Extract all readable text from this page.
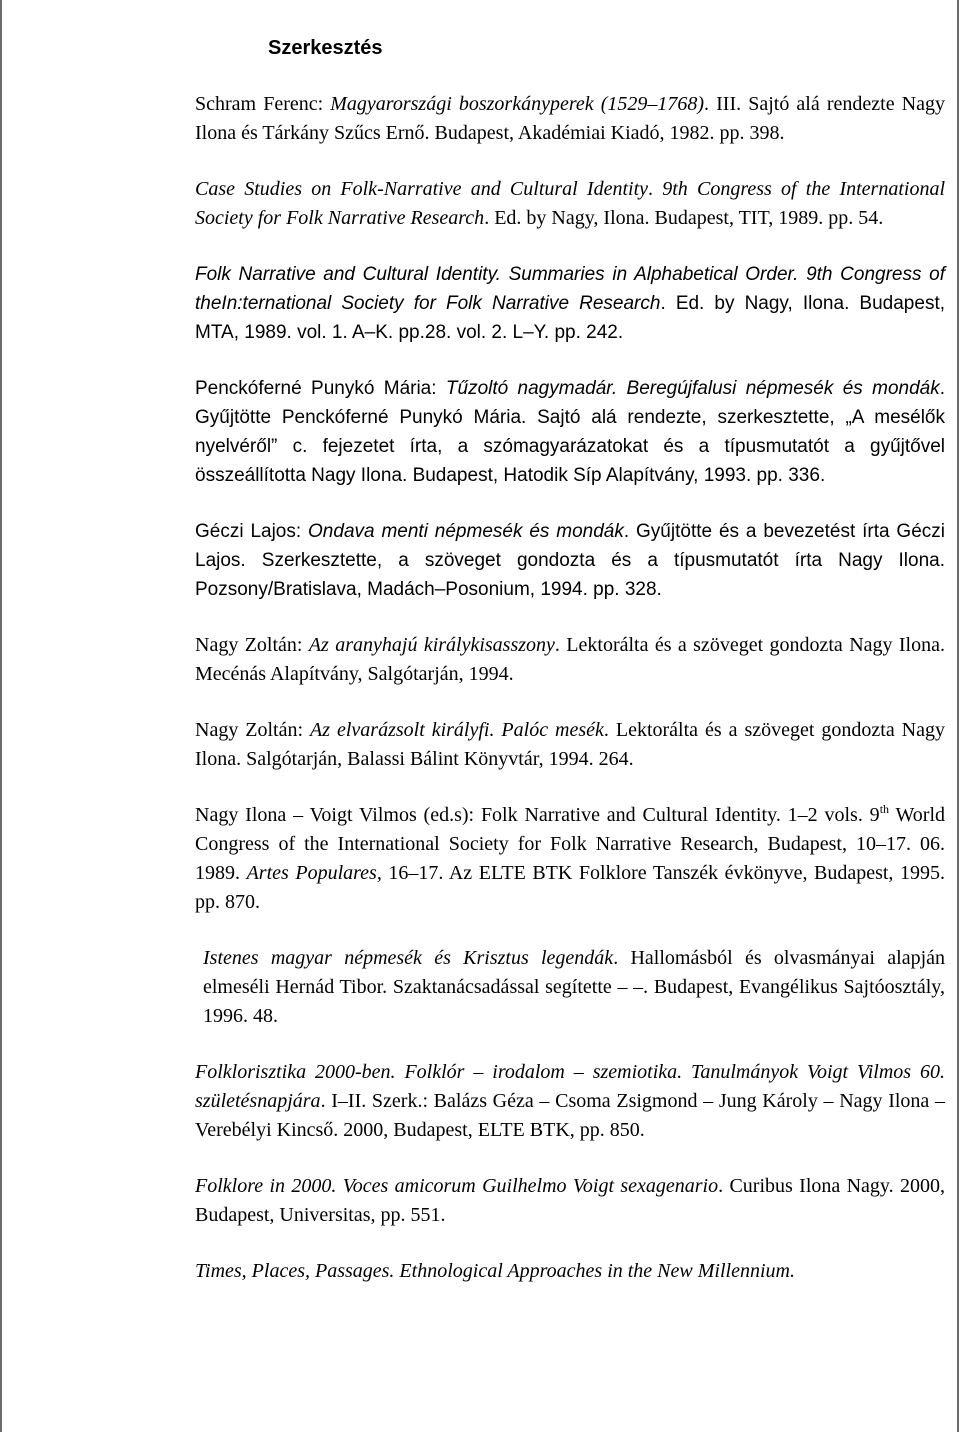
Szerkesztés

Schram Ferenc: Magyarországi boszorkányperek (1529–1768). III. Sajtó alá rendezte Nagy Ilona és Tárkány Szűcs Ernő. Budapest, Akadémiai Kiadó, 1982. pp. 398.

Case Studies on Folk-Narrative and Cultural Identity. 9th Congress of the International Society for Folk Narrative Research. Ed. by Nagy, Ilona. Budapest, TIT, 1989. pp. 54.

Folk Narrative and Cultural Identity. Summaries in Alphabetical Order. 9th Congress of theIn:ternational Society for Folk Narrative Research. Ed. by Nagy, Ilona. Budapest, MTA, 1989. vol. 1. A–K. pp.28. vol. 2. L–Y. pp. 242.

Penckóferné Punykó Mária: Tűzoltó nagymadár. Beregújfalusi népmesék és mondák. Gyűjtötte Penckóferné Punykó Mária. Sajtó alá rendezte, szerkesztette, „A mesélők nyelvéről” c. fejezetet írta, a szómagyarázatokat és a típusmutatót a gyűjtővel összeállította Nagy Ilona. Budapest, Hatodik Síp Alapítvány, 1993. pp. 336.

Géczi Lajos: Ondava menti népmesék és mondák. Gyűjtötte és a bevezetést írta Géczi Lajos. Szerkesztette, a szöveget gondozta és a típusmutatót írta Nagy Ilona. Pozsony/Bratislava, Madách–Posonium, 1994. pp. 328.

Nagy Zoltán: Az aranyhajú királykisasszony. Lektorálta és a szöveget gondozta Nagy Ilona. Mecénás Alapítvány, Salgótarján, 1994.

Nagy Zoltán: Az elvarázsolt királyfi. Palóc mesék. Lektorálta és a szöveget gondozta Nagy Ilona. Salgótarján, Balassi Bálint Könyvtár, 1994. 264.

Nagy Ilona – Voigt Vilmos (ed.s): Folk Narrative and Cultural Identity. 1–2 vols. 9th World Congress of the International Society for Folk Narrative Research, Budapest, 10–17. 06. 1989. Artes Populares, 16–17. Az ELTE BTK Folklore Tanszék évkönyve, Budapest, 1995. pp. 870.

Istenes magyar népmesék és Krisztus legendák. Hallomásból és olvasmányai alapján elmeséli Hernád Tibor. Szaktanácsadással segítette – –. Budapest, Evangélikus Sajtóosztály, 1996. 48.

Folklorisztika 2000-ben. Folklór – irodalom – szemiotika. Tanulmányok Voigt Vilmos 60. születésnapjára. I–II. Szerk.: Balázs Géza – Csoma Zsigmond – Jung Károly – Nagy Ilona – Verebélyi Kincső. 2000, Budapest, ELTE BTK, pp. 850.

Folklore in 2000. Voces amicorum Guilhelmo Voigt sexagenario. Curibus Ilona Nagy. 2000, Budapest, Universitas, pp. 551.

Times, Places, Passages. Ethnological Approaches in the New Millennium.
